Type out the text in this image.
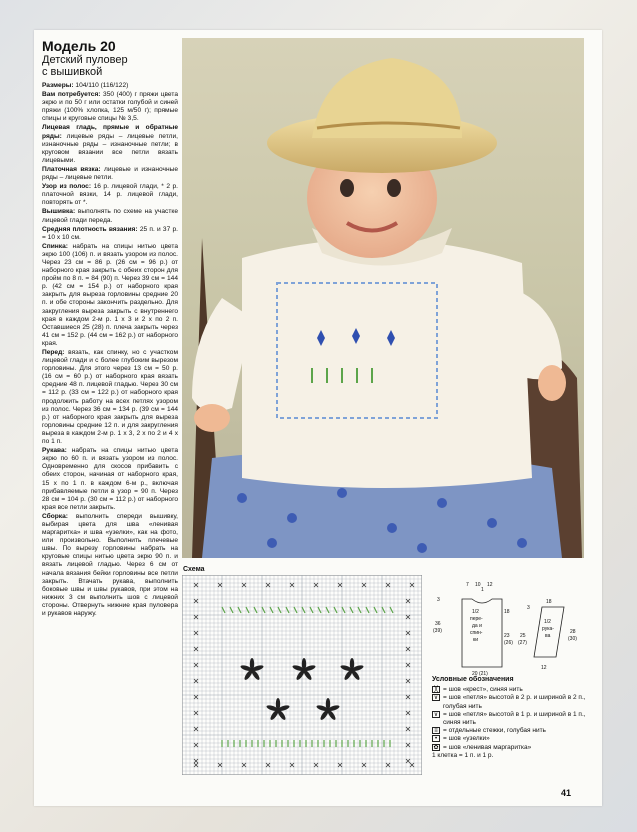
Модель 20
Детский пуловер
с вышивкой
Размеры: 104/110 (116/122)
Вам потребуется: 350 (400) г пряжи цвета экрю и по 50 г или остатки голубой и синей пряжи (100% хлопка, 125 м/50 г); прямые спицы и круговые спицы № 3,5.
Лицевая гладь, прямые и обратные ряды: лицевые ряды – лицевые петли, изнаночные ряды – изнаночные петли; в круговом вязании все петли вязать лицевыми.
Платочная вязка: лицевые и изнаночные ряды – лицевые петли.
Узор из полос: 16 р. лицевой глади, * 2 р. платочной вязки, 14 р. лицевой глади, повторять от *.
Вышивка: выполнять по схеме на участке лицевой глади переда.
Средняя плотность вязания: 25 п. и 37 р. = 10 х 10 см.
Спинка: набрать на спицы нитью цвета экрю 100 (106) п. и вязать узором из полос. Через 23 см = 86 р. (26 см = 96 р.) от наборного края закрыть с обеих сторон для пройм по 8 п. = 84 (90) п. Через 39 см = 144 р. (42 см = 154 р.) от наборного края закрыть для выреза горловины средние 20 п. и обе стороны закончить раздельно. Для закругления выреза закрыть с внутреннего края в каждом 2-м р. 1 х 3 и 2 х по 2 п. Оставшиеся 25 (28) п. плеча закрыть через 41 см = 152 р. (44 см = 162 р.) от наборного края.
Перед: вязать, как спинку, но с участком лицевой глади и с более глубоким вырезом горловины. Для этого через 13 см = 50 р. (16 см = 60 р.) от наборного края вязать средние 48 п. лицевой гладью. Через 30 см = 112 р. (33 см = 122 р.) от наборного края продолжить работу на всех петлях узором из полос. Через 36 см = 134 р. (39 см = 144 р.) от наборного края закрыть для выреза горловины средние 12 п. и для закругления выреза в каждом 2-м р. 1 х 3, 2 х по 2 и 4 х по 1 п.
Рукава: набрать на спицы нитью цвета экрю по 60 п. и вязать узором из полос. Одновременно для скосов прибавить с обеих сторон, начиная от наборного края, 15 х по 1 п. в каждом 6-м р., включая прибавляемые петли в узор = 90 п. Через 28 см = 104 р. (30 см = 112 р.) от наборного края все петли закрыть.
Сборка: выполнить спереди вышивку, выбирая цвета для шва «ленивая маргаритка» и шва «узелки», как на фото, или произвольно. Выполнить плечевые швы. По вырезу горловины набрать на круговые спицы нитью цвета экрю 90 п. и вязать лицевой гладью. Через 6 см от начала вязания бейки горловины все петли закрыть. Втачать рукава, выполнить боковые швы и швы рукавов, при этом на нижних 3 см выполнить шов с лицевой стороны. Отвернуть нижние края пуловера и рукавов наружу.
Схема
7 10
1
12
3
36
(39)
1/2
пере-
да и
спин-
ки
18
23
(26)
25
(27)
20 (21)
18
1/2
рука-
ва
28
(30)
12
3
Условные обозначения
╳ = шов «крест», синяя нить
∨ = шов «петля» высотой в 2 р. и шириной в 2 п., голубая нить
∨ = шов «петля» высотой в 1 р. и шириной в 1 п., синяя нить
≡ = отдельные стежки, голубая нить
• = шов «узелки»
✿ = шов «ленивая маргаритка»
1 клетка = 1 п. и 1 р.
41
